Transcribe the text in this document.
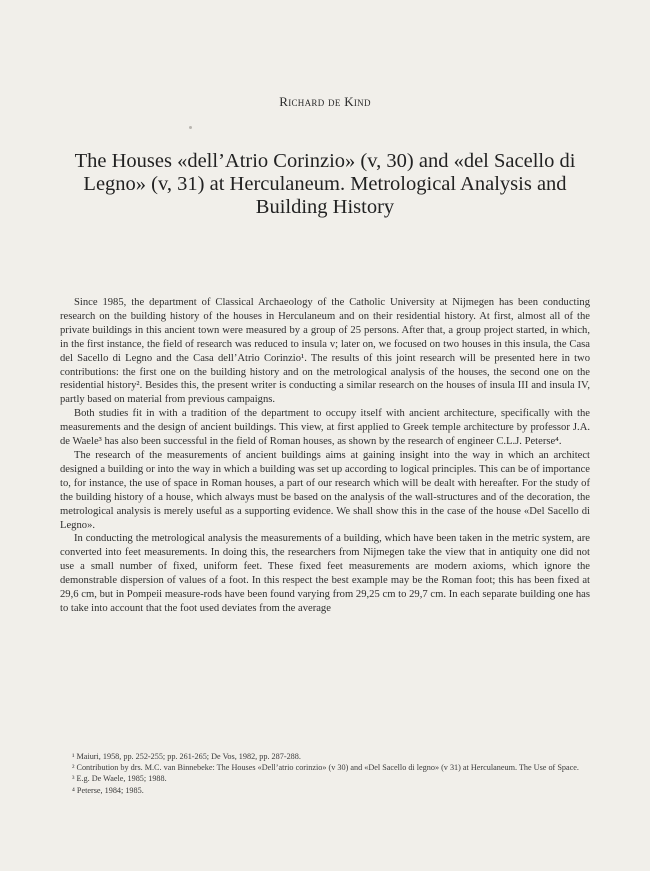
Richard de Kind
The Houses «dell’Atrio Corinzio» (v, 30) and «del Sacello di Legno» (v, 31) at Herculaneum. Metrological Analysis and Building History

Since 1985, the department of Classical Archaeology of the Catholic University at Nijmegen has been conducting research on the building history of the houses in Herculaneum and on their residential history. At first, almost all of the private buildings in this ancient town were measured by a group of 25 persons. After that, a group project started, in which, in the first instance, the field of research was reduced to insula v; later on, we focused on two houses in this insula, the Casa del Sacello di Legno and the Casa dell’Atrio Corinzio¹. The results of this joint research will be presented here in two contributions: the first one on the building history and on the metrological analysis of the houses, the second one on the residential history². Besides this, the present writer is conducting a similar research on the houses of insula III and insula IV, partly based on material from previous campaigns.

Both studies fit in with a tradition of the department to occupy itself with ancient architecture, specifically with the measurements and the design of ancient buildings. This view, at first applied to Greek temple architecture by professor J.A. de Waele³ has also been successful in the field of Roman houses, as shown by the research of engineer C.L.J. Peterse⁴.

The research of the measurements of ancient buildings aims at gaining insight into the way in which an architect designed a building or into the way in which a building was set up according to logical principles. This can be of importance to, for instance, the use of space in Roman houses, a part of our research which will be dealt with hereafter. For the study of the building history of a house, which always must be based on the analysis of the wall-structures and of the decoration, the metrological analysis is merely useful as a supporting evidence. We shall show this in the case of the house «Del Sacello di Legno».

In conducting the metrological analysis the measurements of a building, which have been taken in the metric system, are converted into feet measurements. In doing this, the researchers from Nijmegen take the view that in antiquity one did not use a small number of fixed, uniform feet. These fixed feet measurements are modern axioms, which ignore the demonstrable dispersion of values of a foot. In this respect the best example may be the Roman foot; this has been fixed at 29,6 cm, but in Pompeii measure-rods have been found varying from 29,25 cm to 29,7 cm. In each separate building one has to take into account that the foot used deviates from the average

¹ Maiuri, 1958, pp. 252-255; pp. 261-265; De Vos, 1982, pp. 287-288.
² Contribution by drs. M.C. van Binnebeke: The Houses «Dell’atrio corinzio» (v 30) and «Del Sacello di legno» (v 31) at Herculaneum. The Use of Space.
³ E.g. De Waele, 1985; 1988.
⁴ Peterse, 1984; 1985.
